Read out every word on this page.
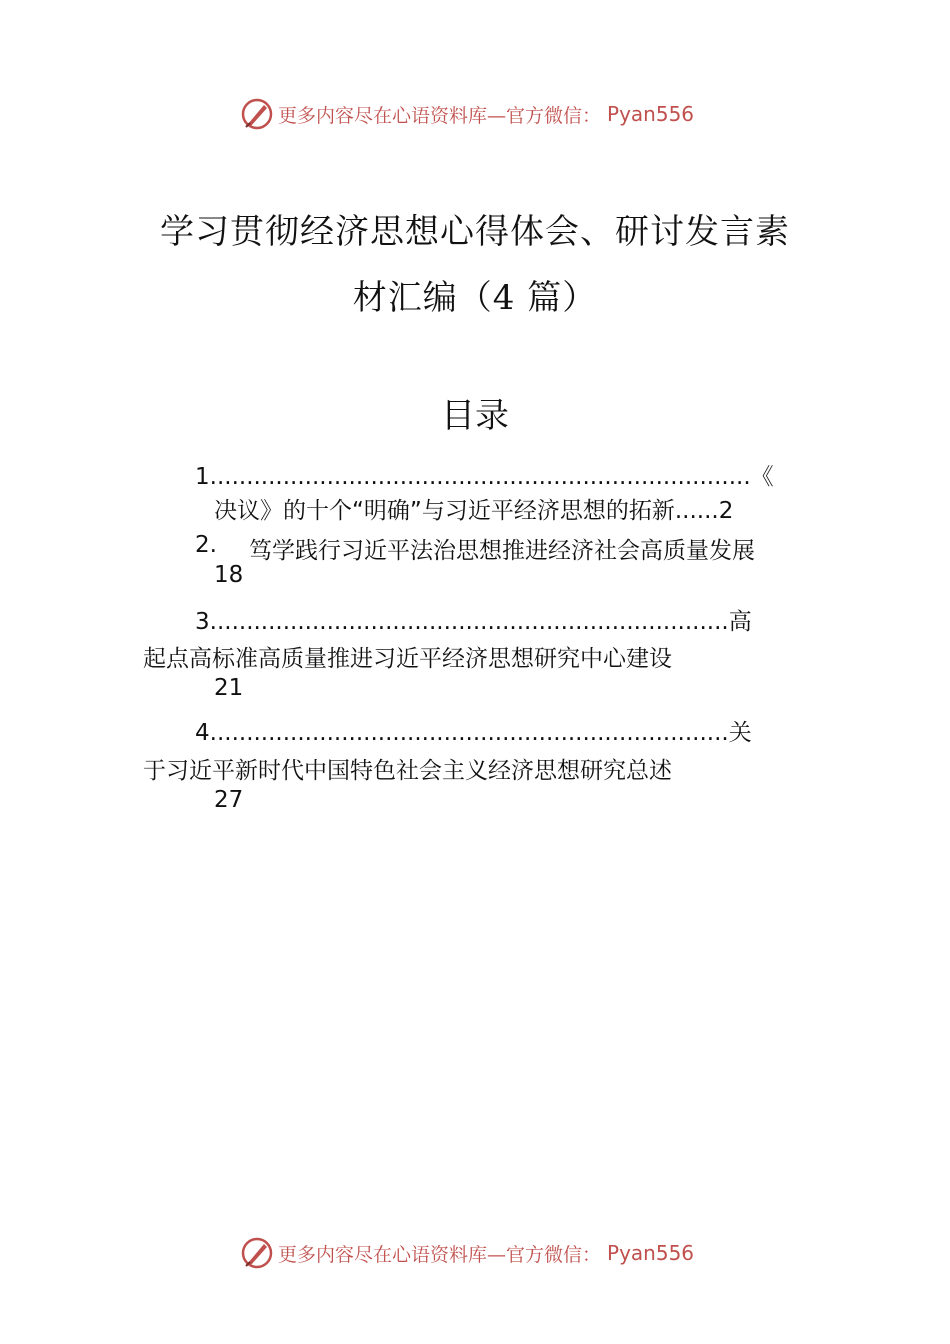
更多内容尽在心语资料库 —官方微信： Pyan556
学习贯彻经济思想心得体会、研讨发言素
材汇编（4 篇）
目录
1..........................................................................《
决议》的十个“明确”与习近平经济思想的拓新......2
2. 笃学践行习近平法治思想推进经济社会高质量发展
18
3.......................................................................高
起点高标准高质量推进习近平经济思想研究中心建设
21
4.......................................................................关
于习近平新时代中国特色社会主义经济思想研究总述
27
更多内容尽在心语资料库 —官方微信： Pyan556
